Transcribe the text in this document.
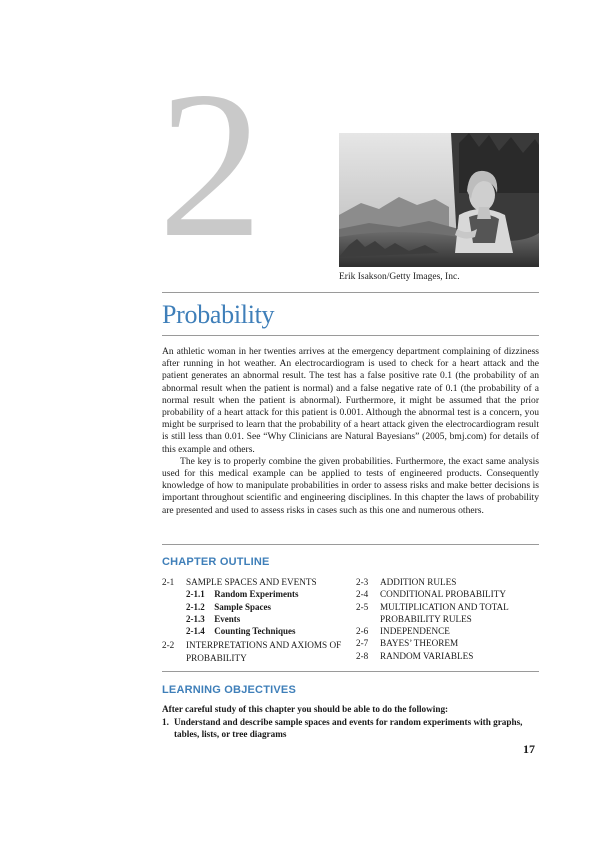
2	Erik Isakson/Getty Images, Inc.
Probability

An athletic woman in her twenties arrives at the emergency department complaining of dizziness after running in hot weather. An electrocardiogram is used to check for a heart attack and the patient generates an abnormal result. The test has a false positive rate 0.1 (the probability of an abnormal result when the patient is normal) and a false negative rate of 0.1 (the probability of a normal result when the patient is abnormal). Furthermore, it might be assumed that the prior probability of a heart attack for this patient is 0.001. Although the abnormal test is a concern, you might be surprised to learn that the probability of a heart attack given the electrocardiogram result is still less than 0.01. See “Why Clinicians are Natural Bayesians” (2005, bmj.com) for details of this example and others.

The key is to properly combine the given probabilities. Furthermore, the exact same analysis used for this medical example can be applied to tests of engineered products. Consequently knowledge of how to manipulate probabilities in order to assess risks and make better decisions is important throughout scientific and engineering disciplines. In this chapter the laws of probability are presented and used to assess risks in cases such as this one and numerous others.

CHAPTER OUTLINE
2-1	SAMPLE SPACES AND EVENTS
2-1.1 Random Experiments
2-1.2 Sample Spaces
2-1.3 Events
2-1.4 Counting Techniques
2-2	INTERPRETATIONS AND AXIOMS OF PROBABILITY
2-3	ADDITION RULES
2-4	CONDITIONAL PROBABILITY
2-5	MULTIPLICATION AND TOTAL PROBABILITY RULES
2-6	INDEPENDENCE
2-7	BAYES’ THEOREM
2-8	RANDOM VARIABLES
LEARNING OBJECTIVES
After careful study of this chapter you should be able to do the following:
1. Understand and describe sample spaces and events for random experiments with graphs, tables, lists, or tree diagrams
17
